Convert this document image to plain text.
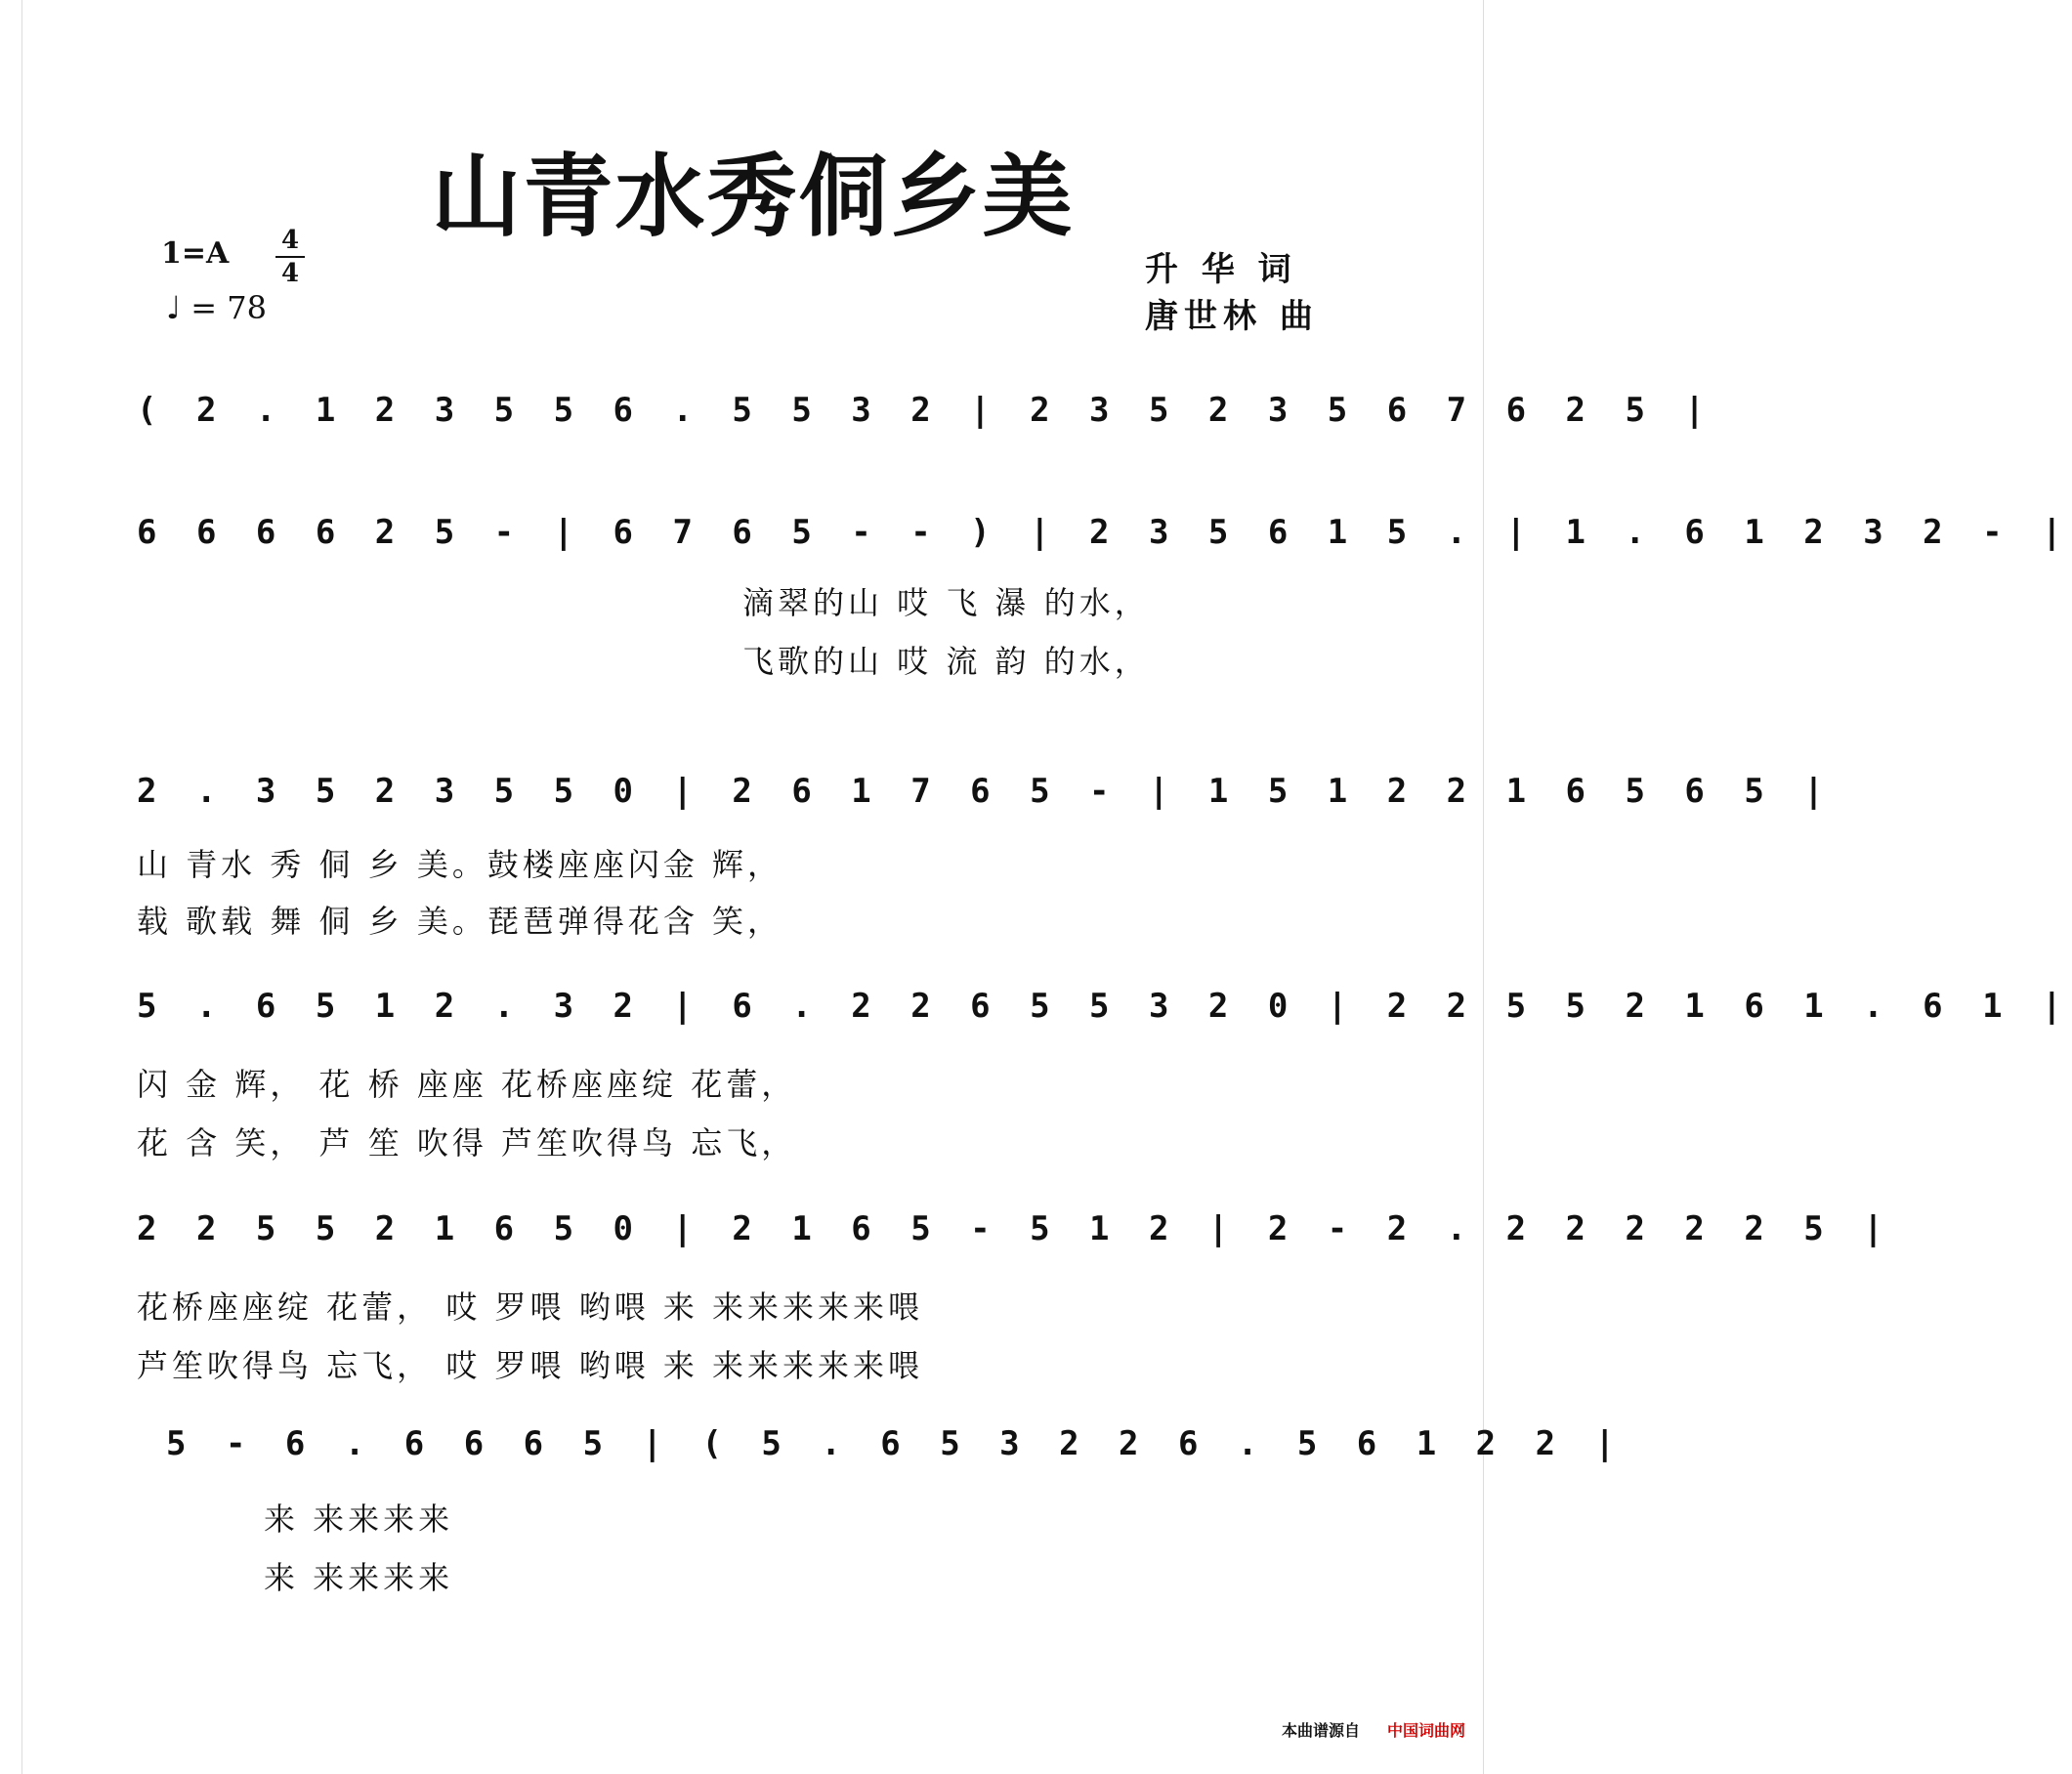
山青水秀侗乡美
1=A 4
4
♩ = 78
升 华 词
唐世林 曲
( 2 . 1 2 3 5 5 6 . 5 5 3 2 | 2 3 5 2 3 5 6 7 6 2 5 |
6 6 6 6 2 5 - | 6 7 6 5 - - ) | 2 3 5 6 1 5 . | 1 . 6 1 2 3 2 - |
滴翠的山 哎 飞 瀑 的水，
飞歌的山 哎 流 韵 的水，
2 . 3 5 2 3 5 5 0 | 2 6 1 7 6 5 - | 1 5 1 2 2 1 6 5 6 5 |
山 青水 秀 侗 乡 美。鼓楼座座闪金 辉，
载 歌载 舞 侗 乡 美。琵琶弹得花含 笑，
5 . 6 5 1 2 . 3 2 | 6 . 2 2 6 5 5 3 2 0 | 2 2 5 5 2 1 6 1 . 6 1 |
闪 金 辉， 花 桥 座座 花桥座座绽 花蕾，
花 含 笑， 芦 笙 吹得 芦笙吹得鸟 忘飞，
2 2 5 5 2 1 6 5 0 | 2 1 6 5 - 5 1 2 | 2 - 2 . 2 2 2 2 2 5 |
花桥座座绽 花蕾， 哎 罗喂 哟喂 来 来来来来来喂
芦笙吹得鸟 忘飞， 哎 罗喂 哟喂 来 来来来来来喂
5 - 6 . 6 6 6 5 | ( 5 . 6 5 3 2 2 6 . 5 6 1 2 2 |
来 来来来来
来 来来来来
本曲谱源自 中国词曲网
